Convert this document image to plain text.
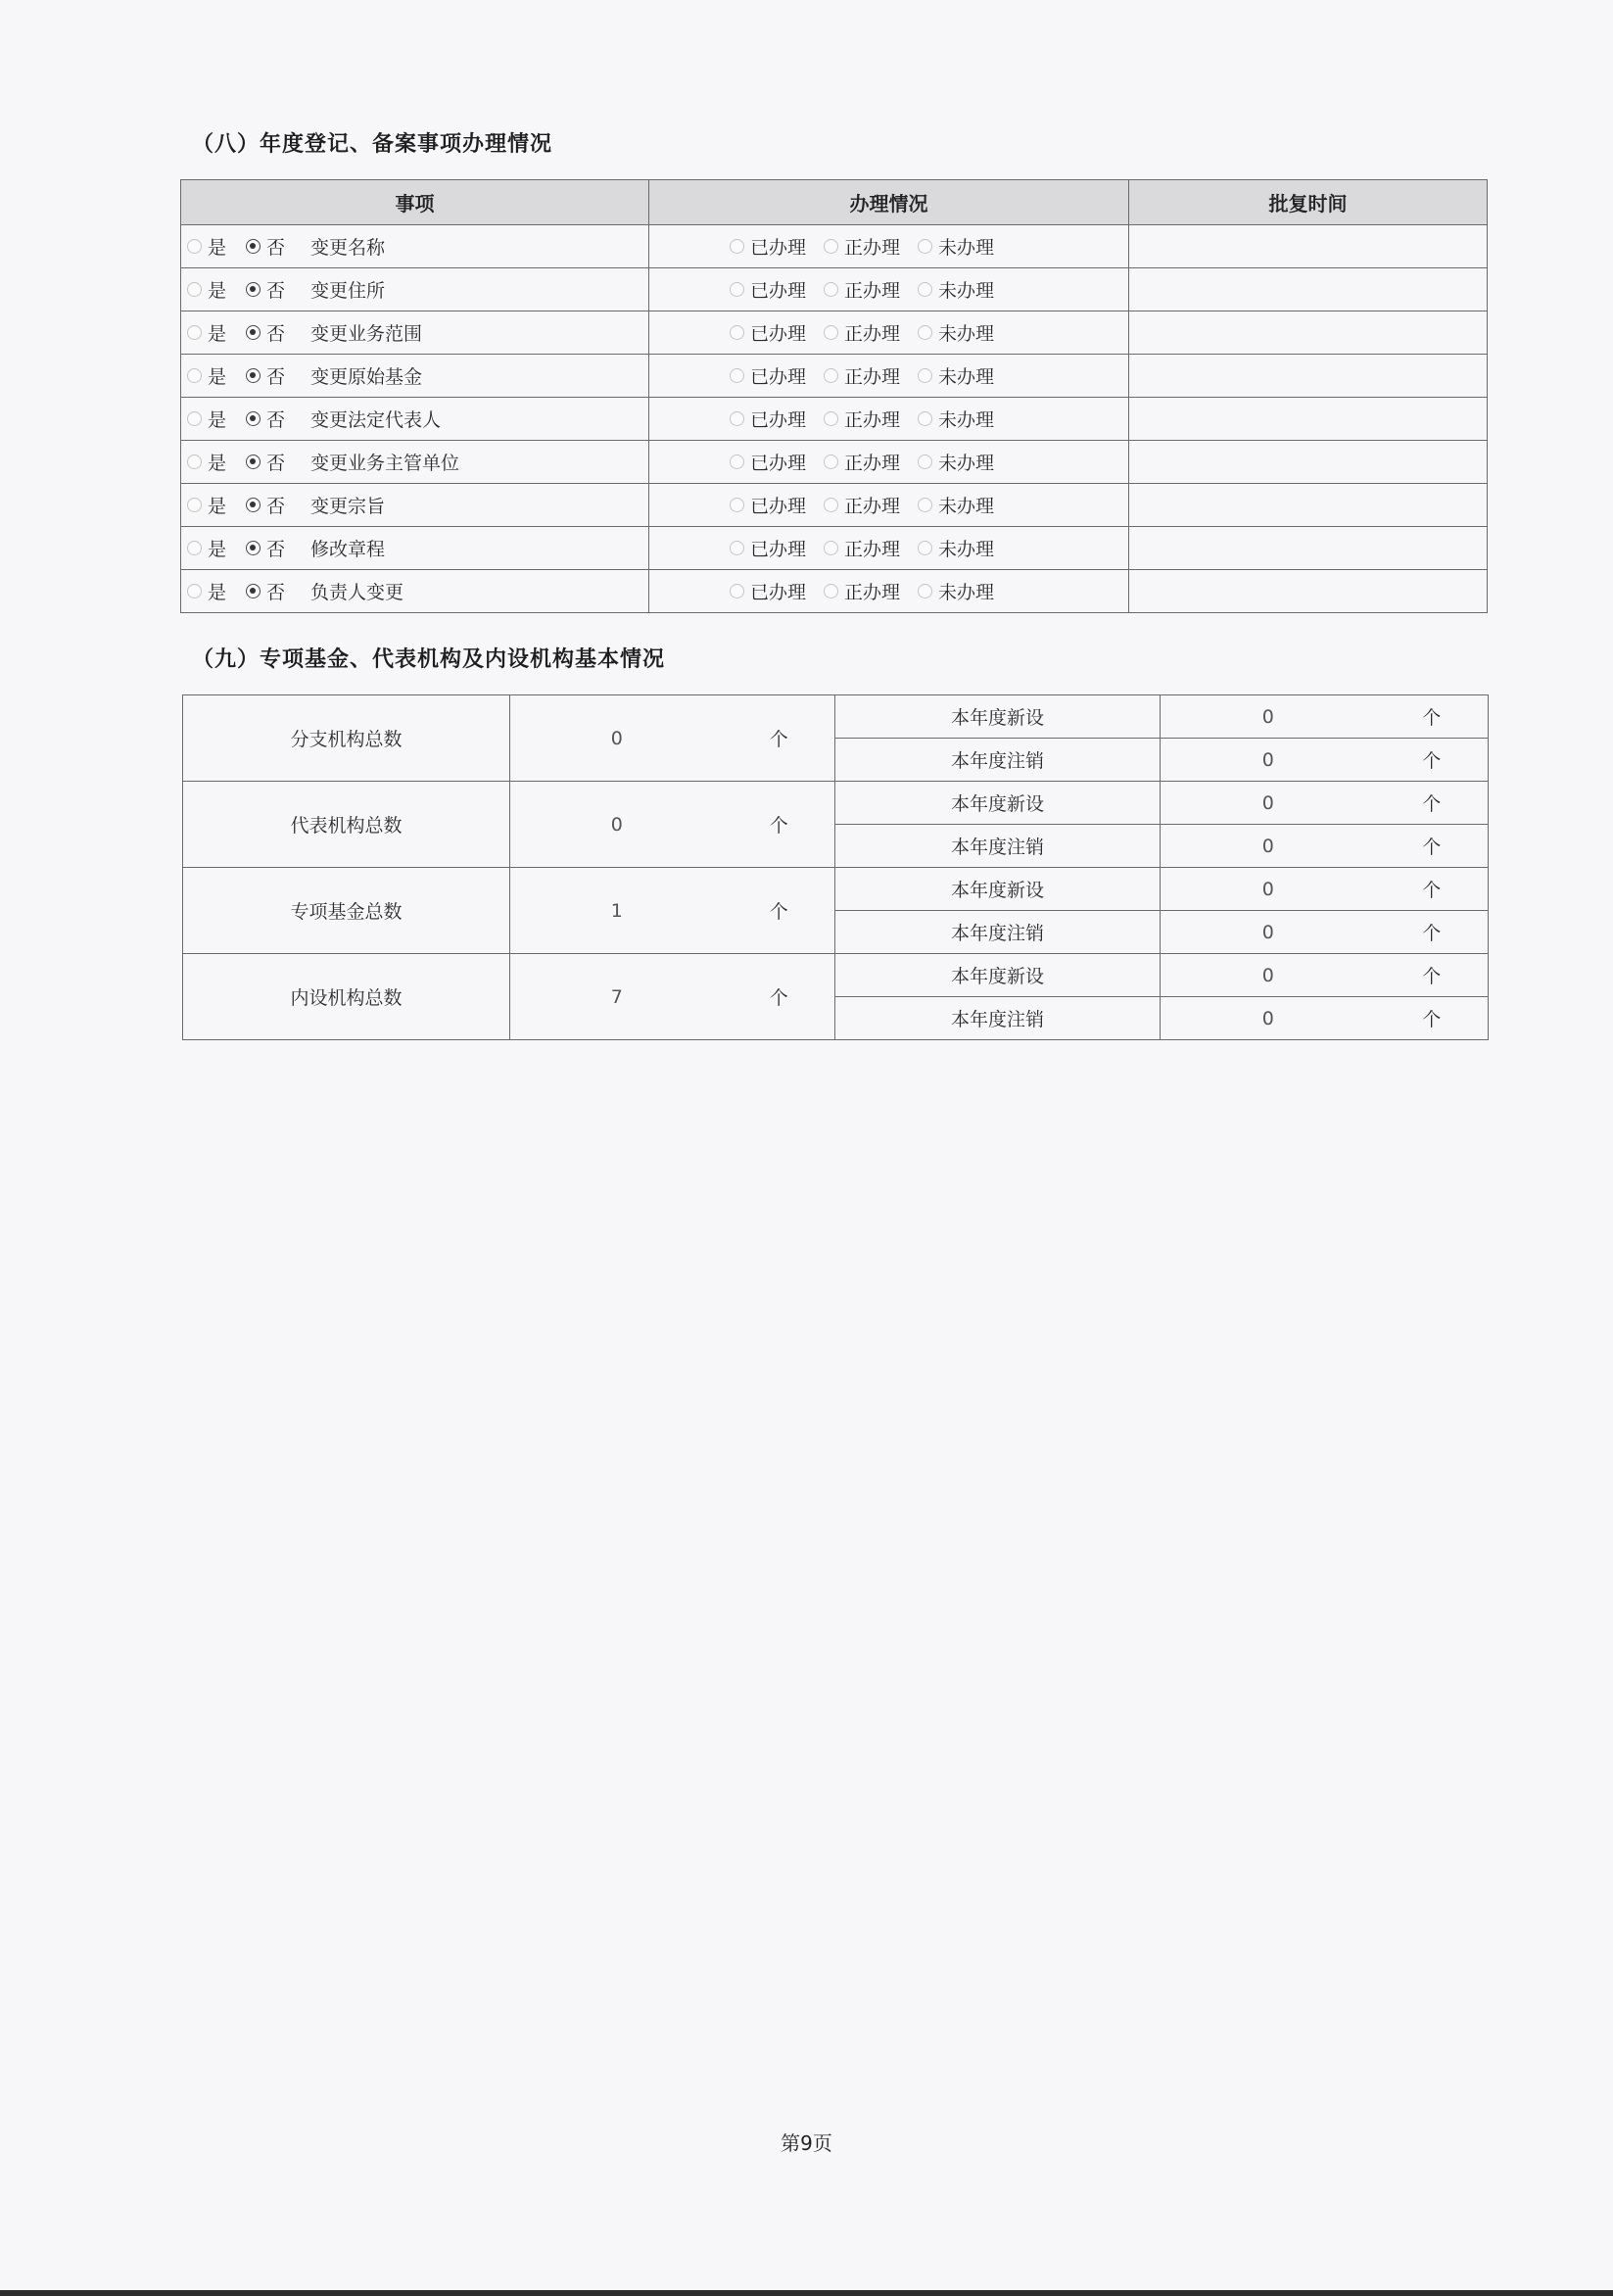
（八）年度登记、备案事项办理情况
事项	办理情况	批复时间
是 否 变更名称	已办理 正办理 未办理	
是 否 变更住所	已办理 正办理 未办理	
是 否 变更业务范围	已办理 正办理 未办理	
是 否 变更原始基金	已办理 正办理 未办理	
是 否 变更法定代表人	已办理 正办理 未办理	
是 否 变更业务主管单位	已办理 正办理 未办理	
是 否 变更宗旨	已办理 正办理 未办理	
是 否 修改章程	已办理 正办理 未办理	
是 否 负责人变更	已办理 正办理 未办理	
（九）专项基金、代表机构及内设机构基本情况
分支机构总数	0	个	本年度新设	0	个
			本年度注销	0	个
代表机构总数	0	个	本年度新设	0	个
			本年度注销	0	个
专项基金总数	1	个	本年度新设	0	个
			本年度注销	0	个
内设机构总数	7	个	本年度新设	0	个
			本年度注销	0	个
第9页
